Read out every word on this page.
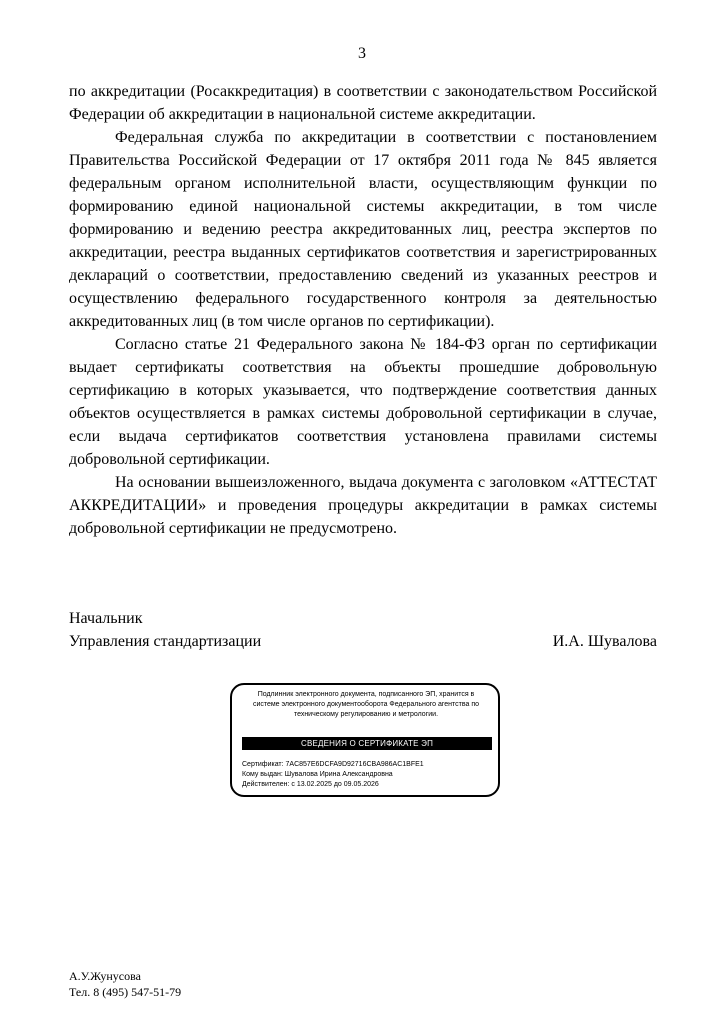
3

по аккредитации (Росаккредитация) в соответствии с законодательством Российской Федерации об аккредитации в национальной системе аккредитации.

Федеральная служба по аккредитации в соответствии с постановлением Правительства Российской Федерации от 17 октября 2011 года № 845 является федеральным органом исполнительной власти, осуществляющим функции по формированию единой национальной системы аккредитации, в том числе формированию и ведению реестра аккредитованных лиц, реестра экспертов по аккредитации, реестра выданных сертификатов соответствия и зарегистрированных деклараций о соответствии, предоставлению сведений из указанных реестров и осуществлению федерального государственного контроля за деятельностью аккредитованных лиц (в том числе органов по сертификации).

Согласно статье 21 Федерального закона № 184-ФЗ орган по сертификации выдает сертификаты соответствия на объекты прошедшие добровольную сертификацию в которых указывается, что подтверждение соответствия данных объектов осуществляется в рамках системы добровольной сертификации в случае, если выдача сертификатов соответствия установлена правилами системы добровольной сертификации.

На основании вышеизложенного, выдача документа с заголовком «АТТЕСТАТ АККРЕДИТАЦИИ» и проведения процедуры аккредитации в рамках системы добровольной сертификации не предусмотрено.

Начальник
Управления стандартизации	И.А. Шувалова
Подлинник электронного документа, подписанного ЭП, хранится в системе электронного документооборота Федерального агентства по техническому регулированию и метрологии.
СВЕДЕНИЯ О СЕРТИФИКАТЕ ЭП
Сертификат: 7AC857E6DCFA9D92716CBA986AC1BFE1
Кому выдан: Шувалова Ирина Александровна
Действителен: с 13.02.2025 до 09.05.2026
А.У.Жунусова
Тел. 8 (495) 547-51-79
